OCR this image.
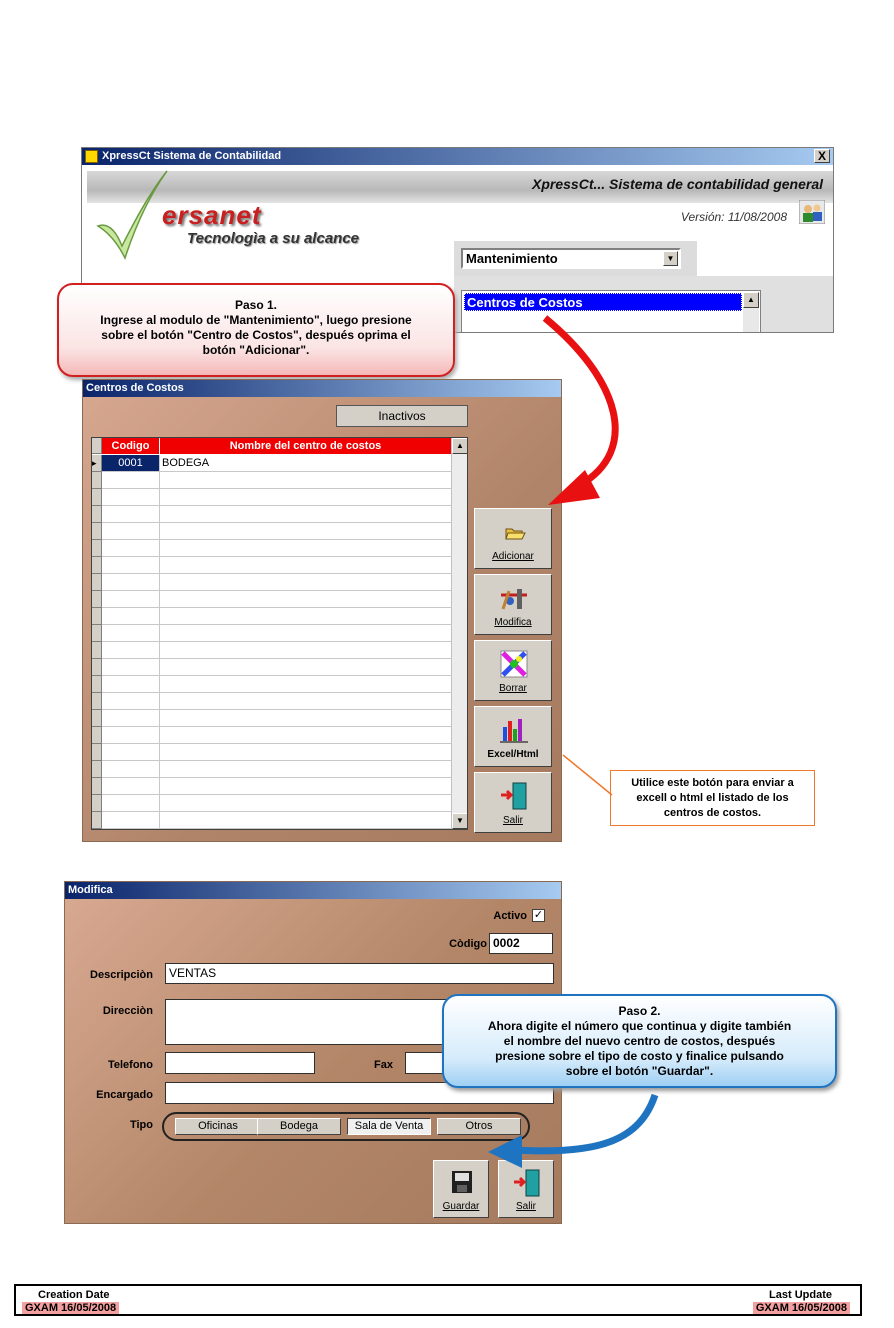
XpressCt Sistema de Contabilidad	X
XpressCt... Sistema de contabilidad general
Versión: 11/08/2008
ersanet
Tecnologìa a su alcance
Mantenimiento	▼
Centros de Costos	▲
Paso 1.
Ingrese al modulo de "Mantenimiento", luego presione
sobre el botón "Centro de Costos", después oprima el
botón "Adicionar".
Centros de Costos
Inactivos
Codigo	Nombre del centro de costos
▸	0001	BODEGA
▲
▼
Adicionar
Modifica
Borrar
Excel/Html
Salir
Utilice este botón para enviar a
excell o html el listado de los
centros de costos.
Modifica
Activo ✓
Còdigo 0002
Descripciòn	VENTAS
Direcciòn
Telefono	Fax
Encargado
Tipo	Oficinas	Bodega	Sala de Venta	Otros
Guardar	Salir
Paso 2.
Ahora digite el número que continua y digite también
el nombre del nuevo centro de costos, después
presione sobre el tipo de costo y finalice pulsando
sobre el botón "Guardar".
Creation Date
GXAM 16/05/2008
Last Update
GXAM 16/05/2008
